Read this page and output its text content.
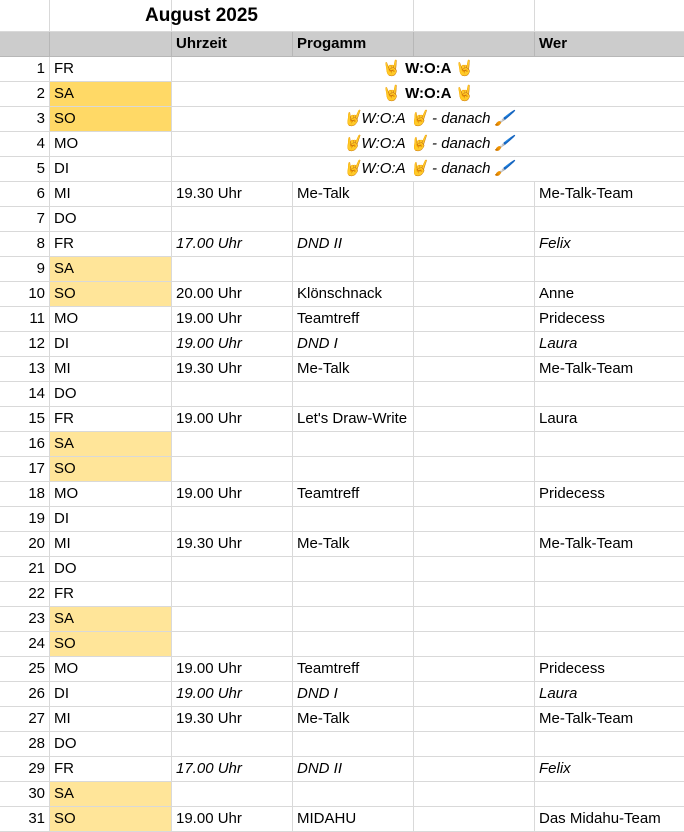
August 2025
Uhrzeit	Progamm	Wer
1 FR	🤘 W:O:A 🤘
2 SA	🤘 W:O:A 🤘
3 SO	🤘W:O:A 🤘 - danach 🖌️
4 MO	🤘W:O:A 🤘 - danach 🖌️
5 DI	🤘W:O:A 🤘 - danach 🖌️
6 MI	19.30 Uhr	Me-Talk	Me-Talk-Team
7 DO
8 FR	17.00 Uhr	DND II	Felix
9 SA
10 SO	20.00 Uhr	Klönschnack	Anne
11 MO	19.00 Uhr	Teamtreff	Pridecess
12 DI	19.00 Uhr	DND I	Laura
13 MI	19.30 Uhr	Me-Talk	Me-Talk-Team
14 DO
15 FR	19.00 Uhr	Let's Draw-Write	Laura
16 SA
17 SO
18 MO	19.00 Uhr	Teamtreff	Pridecess
19 DI
20 MI	19.30 Uhr	Me-Talk	Me-Talk-Team
21 DO
22 FR
23 SA
24 SO
25 MO	19.00 Uhr	Teamtreff	Pridecess
26 DI	19.00 Uhr	DND I	Laura
27 MI	19.30 Uhr	Me-Talk	Me-Talk-Team
28 DO
29 FR	17.00 Uhr	DND II	Felix
30 SA
31 SO	19.00 Uhr	MIDAHU	Das Midahu-Team
